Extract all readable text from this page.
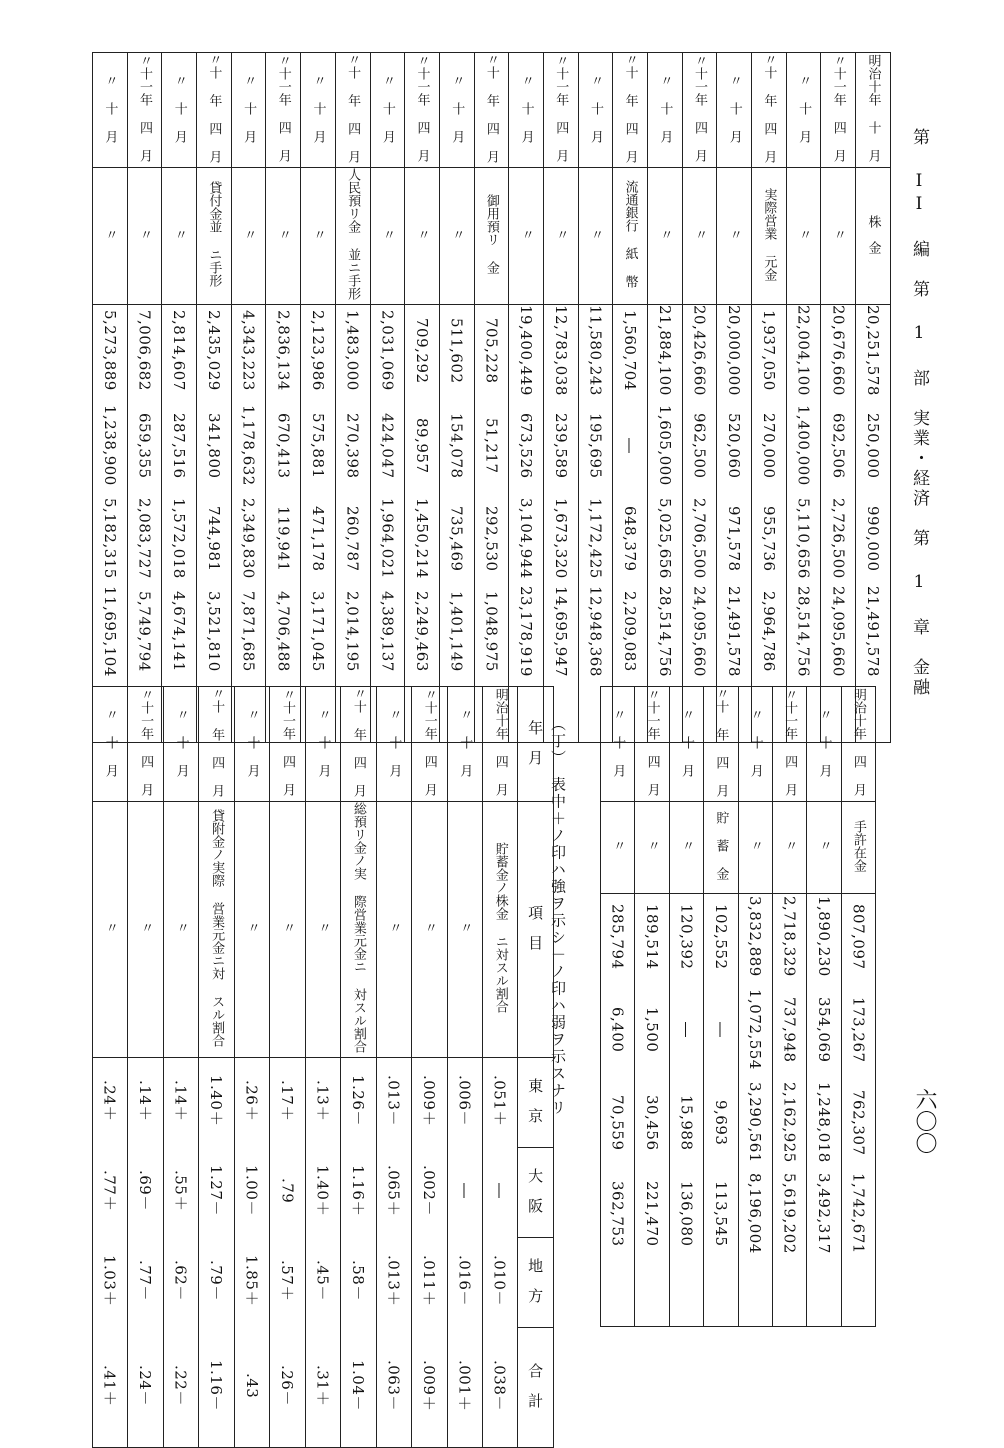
第 II 編　第 1 部　実業・経済　第 1 章　金融
六〇〇
〃 十 月	〃十一年 四 月	〃 十 月	〃十 年 四 月	〃 十 月	〃十一年 四 月	〃 十 月	〃十 年 四 月	〃 十 月	〃十一年 四 月	〃 十 月	〃十 年 四 月	〃 十 月	〃十一年 四 月	〃 十 月	〃十 年 四 月	〃 十 月	〃十一年 四 月	〃 十 月	〃十 年 四 月	〃 十 月	〃十一年 四 月	明治十年 十 月
〃	〃	〃	貸付金並 ニ手形	〃	〃	〃	人民預リ金 並ニ手形	〃	〃	〃	御用預リ 金	〃	〃	〃	流通銀行 紙 幣	〃	〃	〃	実際営業 元金	〃	〃	株　金
5,273,889	7,006,682	2,814,607	2,435,029	4,343,223	2,836,134	2,123,986	1,483,000	2,031,069	709,292	511,602	705,228	19,400,449	12,783,038	11,580,243	1,560,704	21,884,100	20,426,660	20,000,000	1,937,050	22,004,100	20,676,660	20,251,578
1,238,900	659,355	287,516	341,800	1,178,632	670,413	575,881	270,398	424,047	89,957	154,078	51,217	673,526	239,589	195,695	―	1,605,000	962,500	520,060	270,000	1,400,000	692,506	250,000
5,182,315	2,083,727	1,572,018	744,981	2,349,830	119,941	471,178	260,787	1,964,021	1,450,214	735,469	292,530	3,104,944	1,673,320	1,172,425	648,379	5,025,656	2,706,500	971,578	955,736	5,110,656	2,726,500	990,000
11,695,104	5,749,794	4,674,141	3,521,810	7,871,685	4,706,488	3,171,045	2,014,195	4,389,137	2,249,463	1,401,149	1,048,975	23,178,919	14,695,947	12,948,368	2,209,083	28,514,756	24,095,660	21,491,578	2,964,786	28,514,756	24,095,660	21,491,578

〃 十 月	〃十一年 四 月	〃 十 月	〃十 年 四 月	〃 十 月	〃十一年 四 月	〃 十 月	明治十年 四 月
〃	〃	〃	貯 蓄 金	〃	〃	〃	手許在金
285,794	189,514	120,392	102,552	3,832,889	2,718,329	1,890,230	807,097
6,400	1,500	―	―	1,072,554	737,948	354,069	173,267
70,559	30,456	15,988	9,693	3,290,561	2,162,925	1,248,018	762,307
362,753	221,470	136,080	113,545	8,196,004	5,619,202	3,492,317	1,742,671

（丁）　表中＋ノ印ハ強ヲ示シ－ノ印ハ弱ヲ示スナリ
〃 十 月	〃十一年 四 月	〃 十 月	〃十 年 四 月	〃 十 月	〃十一年 四 月	〃 十 月	〃十 年 四 月	〃 十 月	〃十一年 四 月	〃 十 月	明治十年 四 月	年　月
〃	〃	〃	貸附金ノ実際 営業元金ニ対 スル割合	〃	〃	〃	総預リ金ノ実 際営業元金ニ 対スル割合	〃	〃	〃	貯蓄金ノ株金 ニ対スル割合	項　目
.24＋	.14＋	.14＋	1.40＋	.26＋	.17＋	.13＋	1.26－	.013－	.009＋	.006－	.051＋	東　京
.77＋	.69－	.55＋	1.27－	1.00－	.79	1.40＋	1.16＋	.065＋	.002－	―	―	大　阪
1.03＋	.77－	.62－	.79－	1.85＋	.57＋	.45－	.58－	.013＋	.011＋	.016－	.010－	地　方
.41＋	.24－	.22－	1.16－	.43	.26－	.31＋	1.04－	.063－	.009＋	.001＋	.038－	合　計
